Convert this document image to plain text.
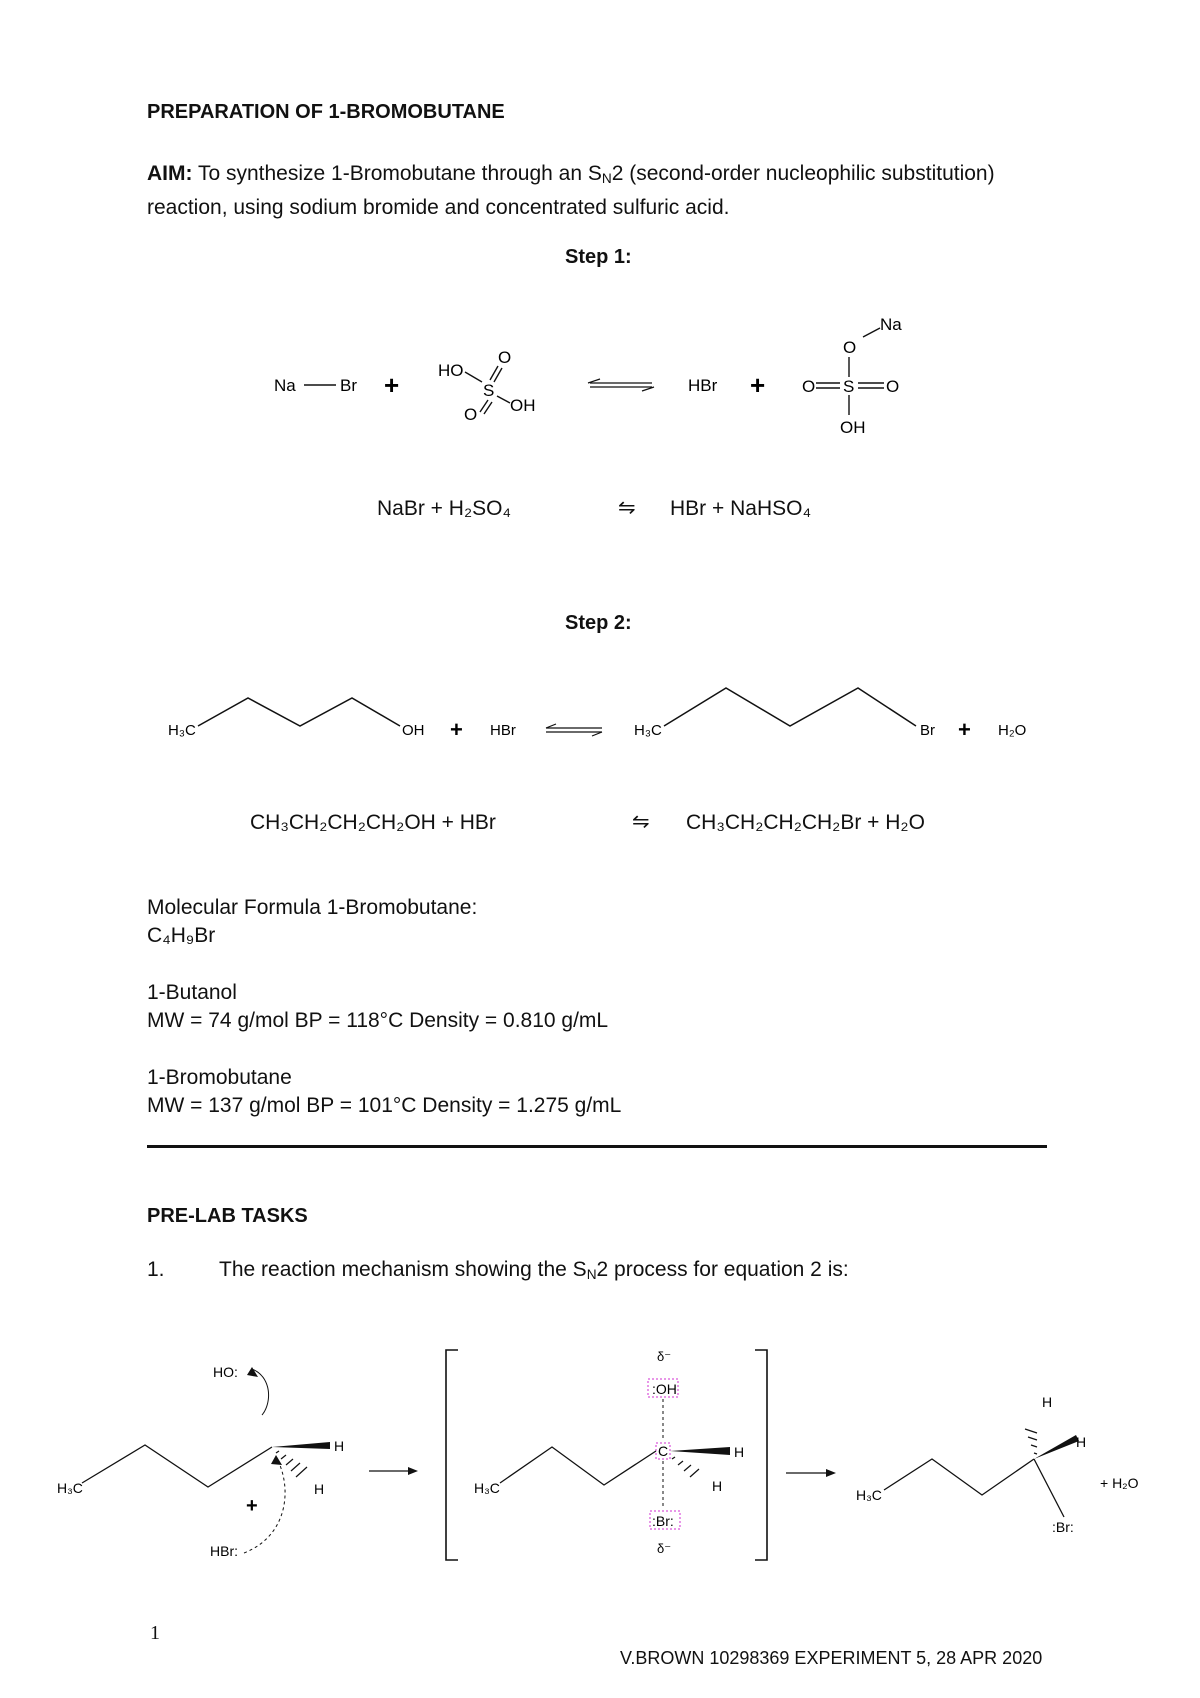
PREPARATION OF 1-BROMOBUTANE
AIM: To synthesize 1-Bromobutane through an $S_N2$ (second-order nucleophilic substitution) reaction, using sodium bromide and concentrated sulfuric acid.
Step 1:
Na	Br + HO
O
S
O OH
HBr +
Na
O
S
O	O
OH
NaBr + H₂SO₄	⇋ HBr + NaHSO₄
Step 2:
H₃C	OH + HBr	H₃C	Br + H₂O
CH₃CH₂CH₂CH₂OH + HBr	⇋ CH₃CH₂CH₂CH₂Br + H₂O
Molecular Formula 1-Bromobutane:
C₄H₉Br
1-Butanol
MW = 74 g/mol BP = 118°C Density = 0.810 g/mL
1-Bromobutane
MW = 137 g/mol BP = 101°C Density = 1.275 g/mL
PRE-LAB TASKS
1.	The reaction mechanism showing the $S_N2$ process for equation 2 is:
HO:
H₃C
H
H
+
HBr:
δ⁻
:OH
C
H₃C
H
H
:Br:
δ⁻
H₃C
H
H
:Br:
+ H₂O
1
V.BROWN 10298369 EXPERIMENT 5, 28 APR 2020
